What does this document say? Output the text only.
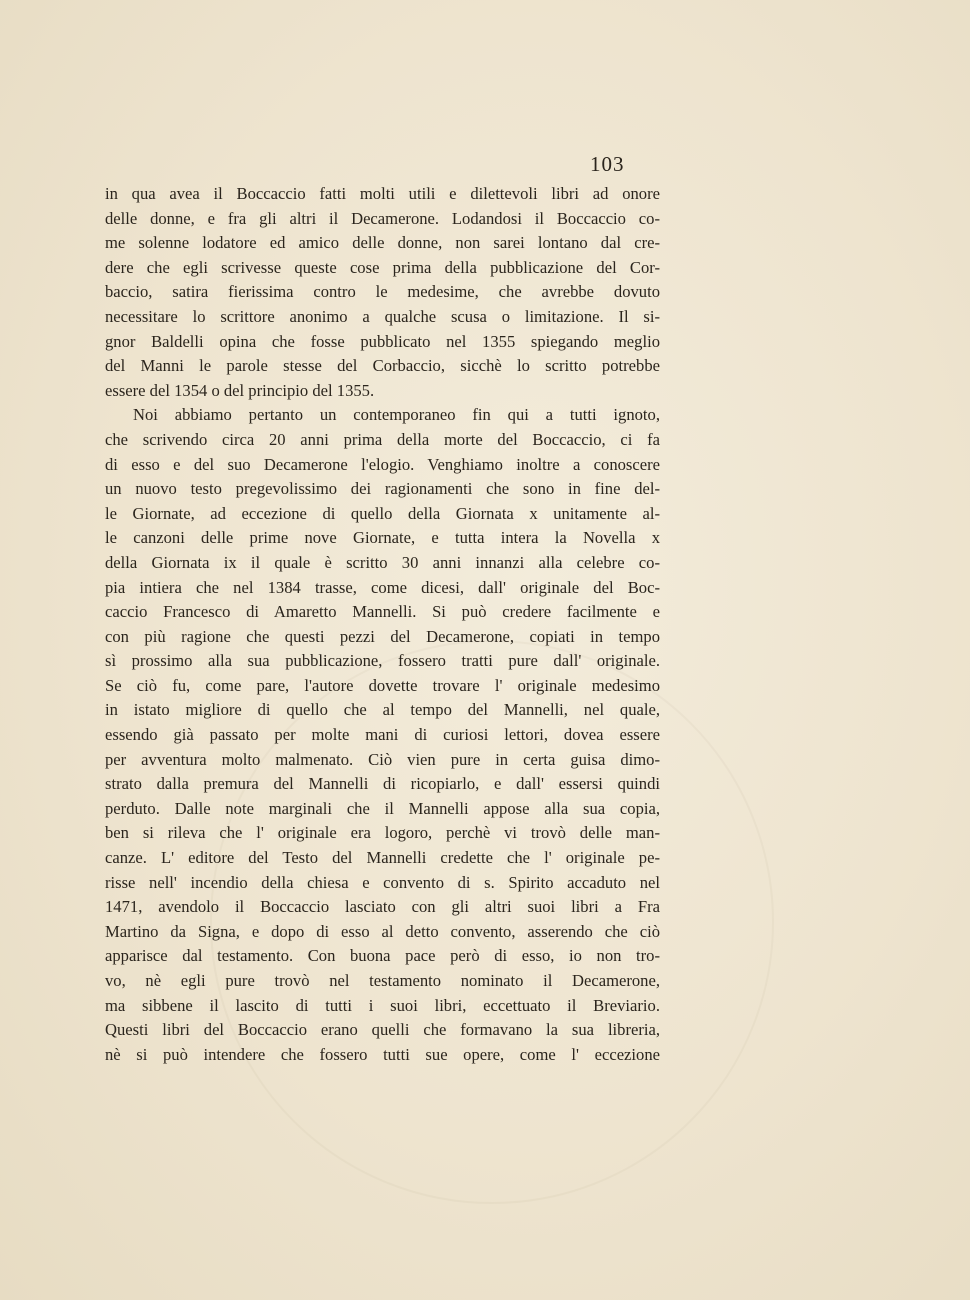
103
in qua avea il Boccaccio fatti molti utili e dilettevoli libri ad onore
delle donne, e fra gli altri il Decamerone. Lodandosi il Boccaccio co-
me solenne lodatore ed amico delle donne, non sarei lontano dal cre-
dere che egli scrivesse queste cose prima della pubblicazione del Cor-
baccio, satira fierissima contro le medesime, che avrebbe dovuto
necessitare lo scrittore anonimo a qualche scusa o limitazione. Il si-
gnor Baldelli opina che fosse pubblicato nel 1355 spiegando meglio
del Manni le parole stesse del Corbaccio, sicchè lo scritto potrebbe
essere del 1354 o del principio del 1355.
Noi abbiamo pertanto un contemporaneo fin qui a tutti ignoto,
che scrivendo circa 20 anni prima della morte del Boccaccio, ci fa
di esso e del suo Decamerone l'elogio. Venghiamo inoltre a conoscere
un nuovo testo pregevolissimo dei ragionamenti che sono in fine del-
le Giornate, ad eccezione di quello della Giornata x unitamente al-
le canzoni delle prime nove Giornate, e tutta intera la Novella x
della Giornata ix il quale è scritto 30 anni innanzi alla celebre co-
pia intiera che nel 1384 trasse, come dicesi, dall' originale del Boc-
caccio Francesco di Amaretto Mannelli. Si può credere facilmente e
con più ragione che questi pezzi del Decamerone, copiati in tempo
sì prossimo alla sua pubblicazione, fossero tratti pure dall' originale.
Se ciò fu, come pare, l'autore dovette trovare l' originale medesimo
in istato migliore di quello che al tempo del Mannelli, nel quale,
essendo già passato per molte mani di curiosi lettori, dovea essere
per avventura molto malmenato. Ciò vien pure in certa guisa dimo-
strato dalla premura del Mannelli di ricopiarlo, e dall' essersi quindi
perduto. Dalle note marginali che il Mannelli appose alla sua copia,
ben si rileva che l' originale era logoro, perchè vi trovò delle man-
canze. L' editore del Testo del Mannelli credette che l' originale pe-
risse nell' incendio della chiesa e convento di s. Spirito accaduto nel
1471, avendolo il Boccaccio lasciato con gli altri suoi libri a Fra
Martino da Signa, e dopo di esso al detto convento, asserendo che ciò
apparisce dal testamento. Con buona pace però di esso, io non tro-
vo, nè egli pure trovò nel testamento nominato il Decamerone,
ma sibbene il lascito di tutti i suoi libri, eccettuato il Breviario.
Questi libri del Boccaccio erano quelli che formavano la sua libreria,
nè si può intendere che fossero tutti sue opere, come l' eccezione
